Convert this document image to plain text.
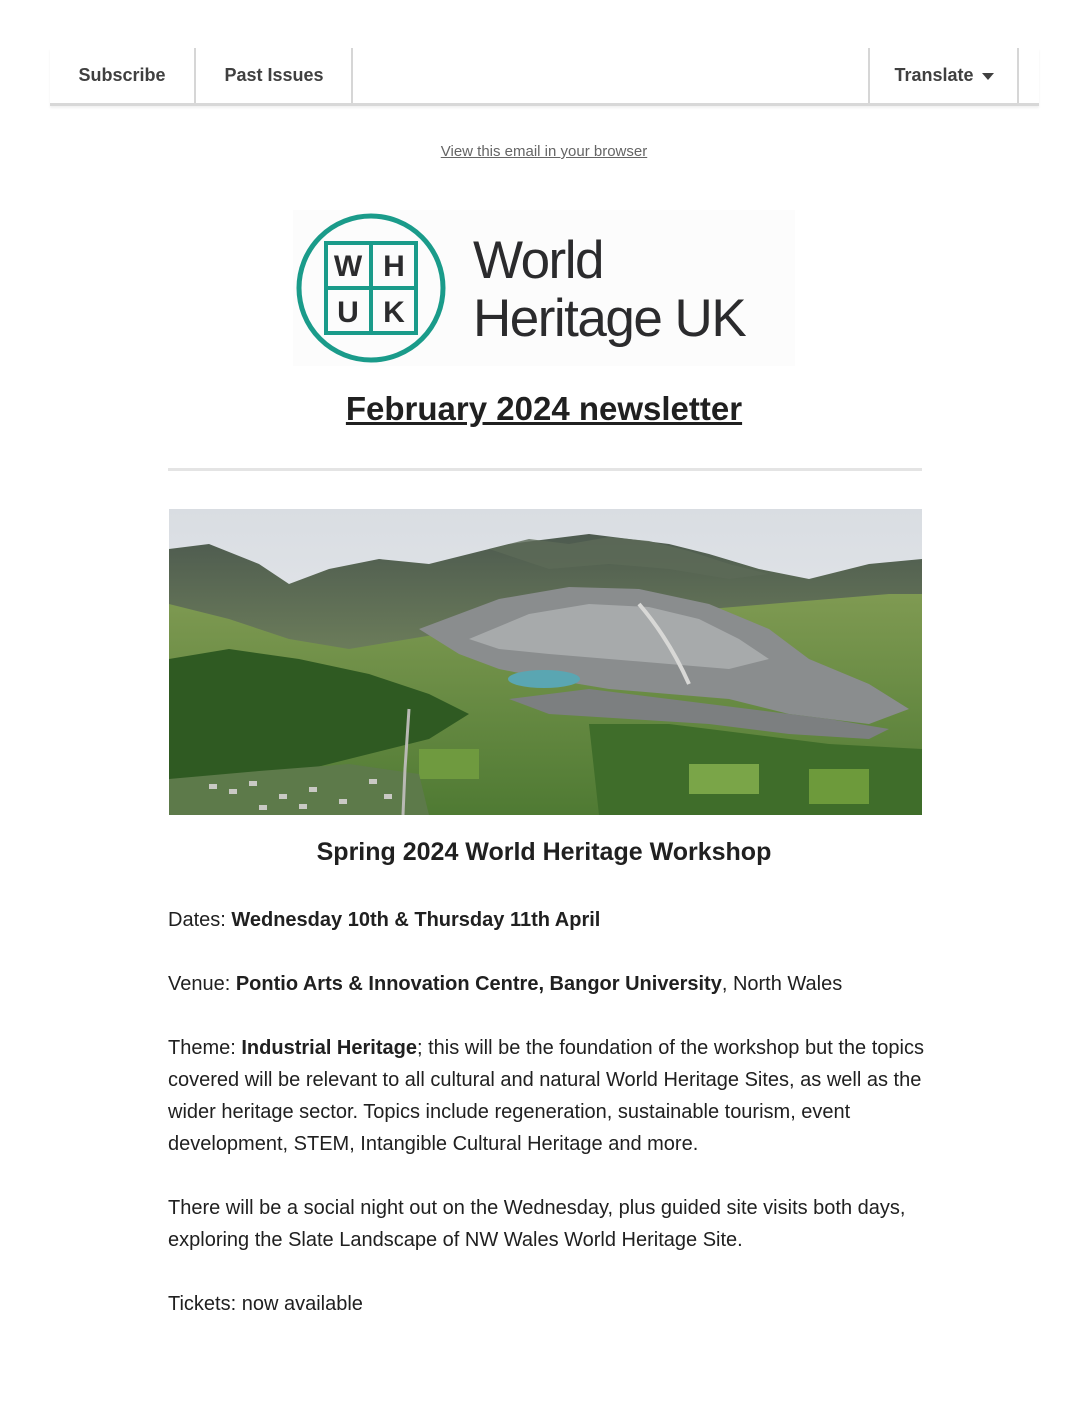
Subscribe	Past Issues	Translate
View this email in your browser
W H
U K
World
Heritage UK
February 2024 newsletter
Spring 2024 World Heritage Workshop

Dates: Wednesday 10th & Thursday 11th April

Venue: Pontio Arts & Innovation Centre, Bangor University, North Wales

Theme: Industrial Heritage; this will be the foundation of the workshop but the topics covered will be relevant to all cultural and natural World Heritage Sites, as well as the wider heritage sector. Topics include regeneration, sustainable tourism, event development, STEM, Intangible Cultural Heritage and more.

There will be a social night out on the Wednesday, plus guided site visits both days, exploring the Slate Landscape of NW Wales World Heritage Site.

Tickets: now available
